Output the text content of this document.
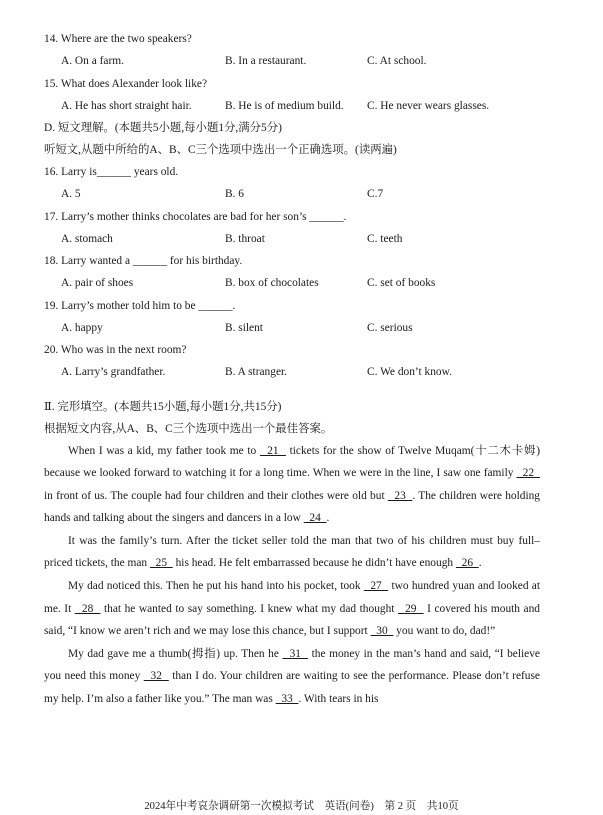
14. Where are the two speakers?
A. On a farm.	B. In a restaurant.	C. At school.
15. What does Alexander look like?
A. He has short straight hair.	B. He is of medium build. C. He never wears glasses.
D. 短文理解。(本题共5小题,每小题1分,满分5分)
听短文,从题中所给的A、B、C三个选项中选出一个正确选项。(读两遍)
16. Larry is______ years old.
A. 5	B. 6	C.7
17. Larry’s mother thinks chocolates are bad for her son’s ______.
A. stomach	B. throat	C. teeth
18. Larry wanted a ______ for his birthday.
A. pair of shoes	B. box of chocolates	C. set of books
19. Larry’s mother told him to be ______.
A. happy	B. silent	C. serious
20. Who was in the next room?
A. Larry’s grandfather.	B. A stranger.	C. We don’t know.
Ⅱ. 完形填空。(本题共15小题,每小题1分,共15分)
根据短文内容,从A、B、C三个选项中选出一个最佳答案。

When I was a kid, my father took me to   21   tickets for the show of Twelve Muqam(十二木卡姆) because we looked forward to watching it for a long time. When we were in the line, I saw one family   22   in front of us. The couple had four children and their clothes were old but   23  . The children were holding hands and talking about the singers and dancers in a low   24  .

It was the family’s turn. After the ticket seller told the man that two of his children must buy full–priced tickets, the man   25   his head. He felt embarrassed because he didn’t have enough   26  .

My dad noticed this. Then he put his hand into his pocket, took   27   two hundred yuan and looked at me. It   28   that he wanted to say something. I knew what my dad thought   29   I covered his mouth and said, “I know we aren’t rich and we may lose this chance, but I support   30   you want to do, dad!”

My dad gave me a thumb(拇指) up. Then he   31   the money in the man’s hand and said, “I believe you need this money   32   than I do. Your children are waiting to see the performance. Please don’t refuse my help. I’m also a father like you.” The man was   33  . With tears in his

2024年中考哀杂调研第一次模拟考试　英语(问卷)　第 2 页　共10页
